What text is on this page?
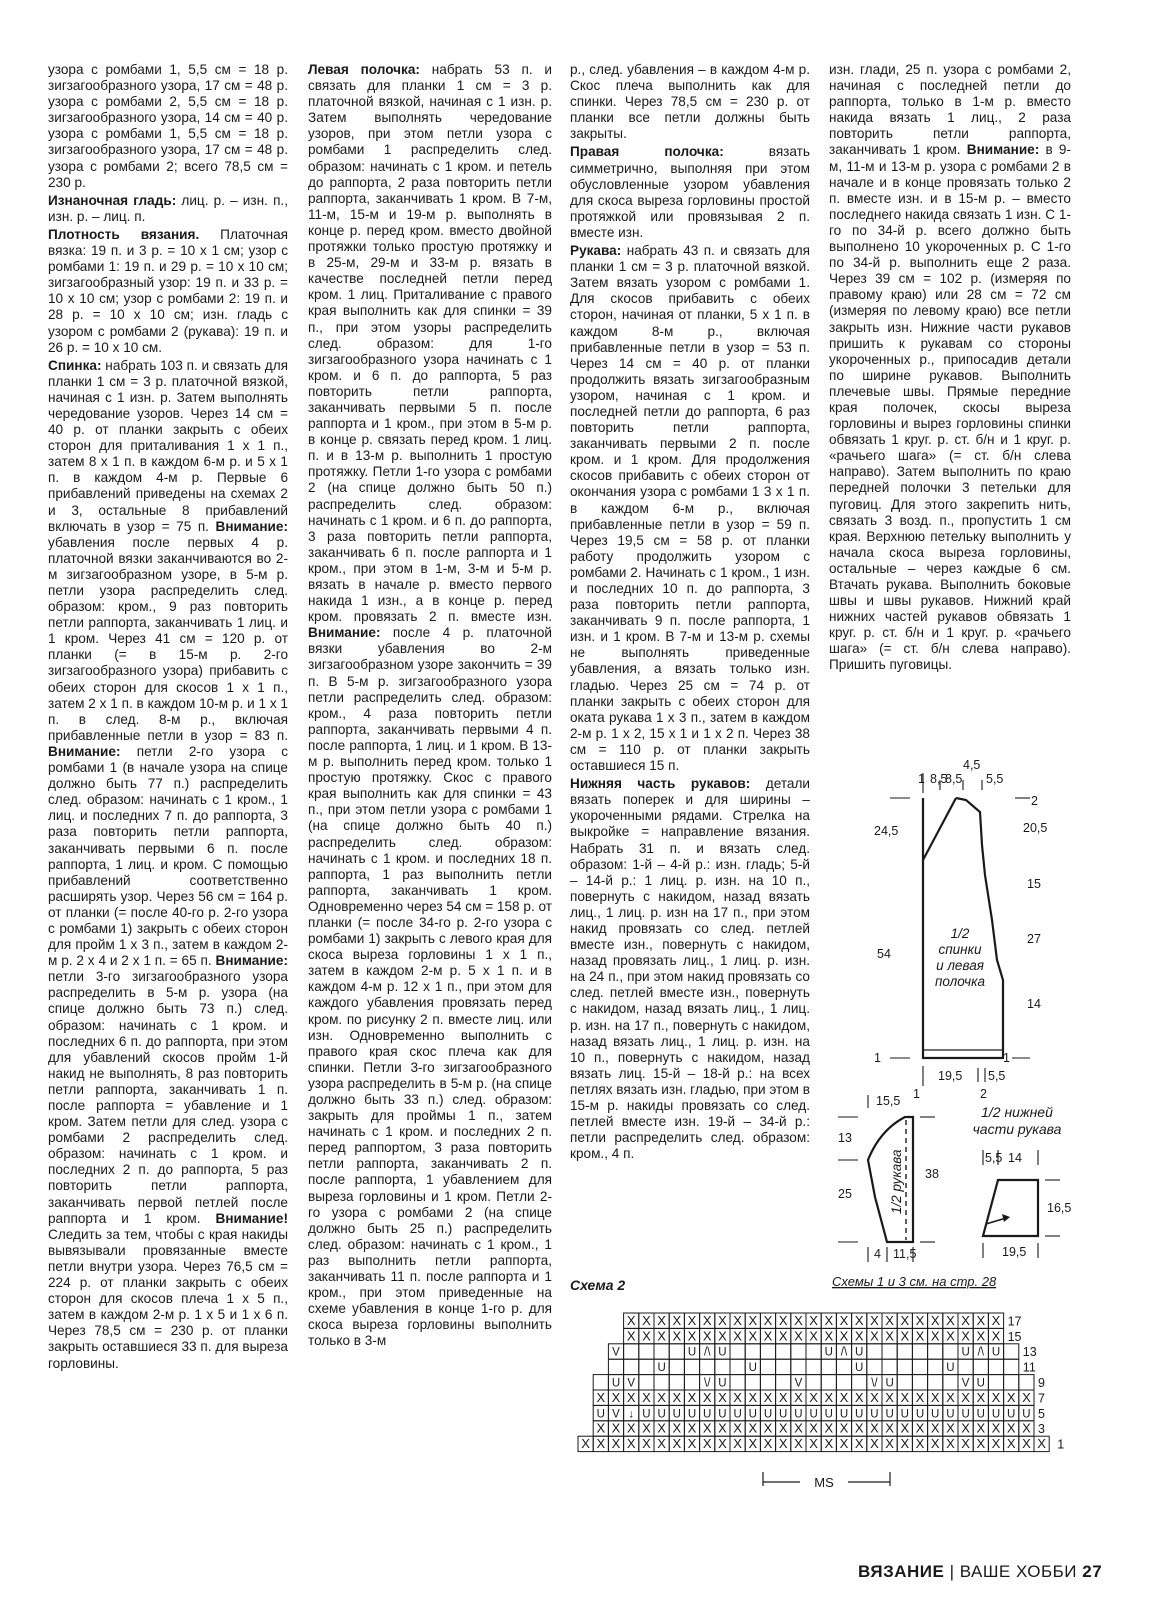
узора с ромбами 1, 5,5 см = 18 р. зигзагообразного узора, 17 см = 48 р. узора с ромбами 2, 5,5 см = 18 р. зигзагообразного узора, 14 см = 40 р. узора с ромбами 1, 5,5 см = 18 р. зигзагообразного узора, 17 см = 48 р. узора с ромбами 2; всего 78,5 см = 230 р.

Изнаночная гладь: лиц. р. – изн. п., изн. р. – лиц. п.

Плотность вязания. Платочная вязка: 19 п. и 3 р. = 10 х 1 см; узор с ромбами 1: 19 п. и 29 р. = 10 х 10 см; зигзагообразный узор: 19 п. и 33 р. = 10 х 10 см; узор с ромбами 2: 19 п. и 28 р. = 10 х 10 см; изн. гладь с узором с ромбами 2 (рукава): 19 п. и 26 р. = 10 х 10 см.

Спинка: набрать 103 п. и связать для планки 1 см = 3 р. платочной вязкой, начиная с 1 изн. р. Затем выполнять чередование узоров. Через 14 см = 40 р. от планки закрыть с обеих сторон для приталивания 1 х 1 п., затем 8 х 1 п. в каждом 6-м р. и 5 х 1 п. в каждом 4-м р. Первые 6 прибавлений приведены на схемах 2 и 3, остальные 8 прибавлений включать в узор = 75 п. Внимание: убавления после первых 4 р. платочной вязки заканчиваются во 2-м зигзагообразном узоре, в 5-м р. петли узора распределить след. образом: кром., 9 раз повторить петли раппорта, заканчивать 1 лиц. и 1 кром. Через 41 см = 120 р. от планки (= в 15-м р. 2-го зигзагообразного узора) прибавить с обеих сторон для скосов 1 х 1 п., затем 2 х 1 п. в каждом 10-м р. и 1 х 1 п. в след. 8-м р., включая прибавленные петли в узор = 83 п. Внимание: петли 2-го узора с ромбами 1 (в начале узора на спице должно быть 77 п.) распределить след. образом: начинать с 1 кром., 1 лиц. и последних 7 п. до раппорта, 3 раза повторить петли раппорта, заканчивать первыми 6 п. после раппорта, 1 лиц. и кром. С помощью прибавлений соответственно расширять узор. Через 56 см = 164 р. от планки (= после 40-го р. 2-го узора с ромбами 1) закрыть с обеих сторон для пройм 1 х 3 п., затем в каждом 2-м р. 2 х 4 и 2 х 1 п. = 65 п. Внимание: петли 3-го зигзагообразного узора распределить в 5-м р. узора (на спице должно быть 73 п.) след. образом: начинать с 1 кром. и последних 6 п. до раппорта, при этом для убавлений скосов пройм 1-й накид не выполнять, 8 раз повторить петли раппорта, заканчивать 1 п. после раппорта = убавление и 1 кром. Затем петли для след. узора с ромбами 2 распределить след. образом: начинать с 1 кром. и последних 2 п. до раппорта, 5 раз повторить петли раппорта, заканчивать первой петлей после раппорта и 1 кром. Внимание! Следить за тем, чтобы с края накиды вывязывали провязанные вместе петли внутри узора. Через 76,5 см = 224 р. от планки закрыть с обеих сторон для скосов плеча 1 х 5 п., затем в каждом 2-м р. 1 х 5 и 1 х 6 п. Через 78,5 см = 230 р. от планки закрыть оставшиеся 33 п. для выреза горловины.

Левая полочка: набрать 53 п. и связать для планки 1 см = 3 р. платочной вязкой, начиная с 1 изн. р. Затем выполнять чередование узоров, при этом петли узора с ромбами 1 распределить след. образом: начинать с 1 кром. и петель до раппорта, 2 раза повторить петли раппорта, заканчивать 1 кром. В 7-м, 11-м, 15-м и 19-м р. выполнять в конце р. перед кром. вместо двойной протяжки только простую протяжку и в 25-м, 29-м и 33-м р. вязать в качестве последней петли перед кром. 1 лиц. Приталивание с правого края выполнить как для спинки = 39 п., при этом узоры распределить след. образом: для 1-го зигзагообразного узора начинать с 1 кром. и 6 п. до раппорта, 5 раз повторить петли раппорта, заканчивать первыми 5 п. после раппорта и 1 кром., при этом в 5-м р. в конце р. связать перед кром. 1 лиц. п. и в 13-м р. выполнить 1 простую протяжку. Петли 1-го узора с ромбами 2 (на спице должно быть 50 п.) распределить след. образом: начинать с 1 кром. и 6 п. до раппорта, 3 раза повторить петли раппорта, заканчивать 6 п. после раппорта и 1 кром., при этом в 1-м, 3-м и 5-м р. вязать в начале р. вместо первого накида 1 изн., а в конце р. перед кром. провязать 2 п. вместе изн. Внимание: после 4 р. платочной вязки убавления во 2-м зигзагообразном узоре закончить = 39 п. В 5-м р. зигзагообразного узора петли распределить след. образом: кром., 4 раза повторить петли раппорта, заканчивать первыми 4 п. после раппорта, 1 лиц. и 1 кром. В 13-м р. выполнить перед кром. только 1 простую протяжку. Скос с правого края выполнить как для спинки = 43 п., при этом петли узора с ромбами 1 (на спице должно быть 40 п.) распределить след. образом: начинать с 1 кром. и последних 18 п. раппорта, 1 раз выполнить петли раппорта, заканчивать 1 кром. Одновременно через 54 см = 158 р. от планки (= после 34-го р. 2-го узора с ромбами 1) закрыть с левого края для скоса выреза горловины 1 х 1 п., затем в каждом 2-м р. 5 х 1 п. и в каждом 4-м р. 12 х 1 п., при этом для каждого убавления провязать перед кром. по рисунку 2 п. вместе лиц. или изн. Одновременно выполнить с правого края скос плеча как для спинки. Петли 3-го зигзагообразного узора распределить в 5-м р. (на спице должно быть 33 п.) след. образом: закрыть для проймы 1 п., затем начинать с 1 кром. и последних 2 п. перед раппортом, 3 раза повторить петли раппорта, заканчивать 2 п. после раппорта, 1 убавлением для выреза горловины и 1 кром. Петли 2-го узора с ромбами 2 (на спице должно быть 25 п.) распределить след. образом: начинать с 1 кром., 1 раз выполнить петли раппорта, заканчивать 11 п. после раппорта и 1 кром., при этом приведенные на схеме убавления в конце 1-го р. для скоса выреза горловины выполнить только в 3-м

р., след. убавления – в каждом 4-м р. Скос плеча выполнить как для спинки. Через 78,5 см = 230 р. от планки все петли должны быть закрыты.

Правая полочка: вязать симметрично, выполняя при этом обусловленные узором убавления для скоса выреза горловины простой протяжкой или провязывая 2 п. вместе изн.

Рукава: набрать 43 п. и связать для планки 1 см = 3 р. платочной вязкой. Затем вязать узором с ромбами 1. Для скосов прибавить с обеих сторон, начиная от планки, 5 х 1 п. в каждом 8-м р., включая прибавленные петли в узор = 53 п. Через 14 см = 40 р. от планки продолжить вязать зигзагообразным узором, начиная с 1 кром. и последней петли до раппорта, 6 раз повторить петли раппорта, заканчивать первыми 2 п. после кром. и 1 кром. Для продолжения скосов прибавить с обеих сторон от окончания узора с ромбами 1 3 х 1 п. в каждом 6-м р., включая прибавленные петли в узор = 59 п. Через 19,5 см = 58 р. от планки работу продолжить узором с ромбами 2. Начинать с 1 кром., 1 изн. и последних 10 п. до раппорта, 3 раза повторить петли раппорта, заканчивать 9 п. после раппорта, 1 изн. и 1 кром. В 7-м и 13-м р. схемы не выполнять приведенные убавления, а вязать только изн. гладью. Через 25 см = 74 р. от планки закрыть с обеих сторон для оката рукава 1 х 3 п., затем в каждом 2-м р. 1 х 2, 15 х 1 и 1 х 2 п. Через 38 см = 110 р. от планки закрыть оставшиеся 15 п.

Нижняя часть рукавов: детали вязать поперек и для ширины – укороченными рядами. Стрелка на выкройке = направление вязания. Набрать 31 п. и вязать след. образом: 1-й – 4-й р.: изн. гладь; 5-й – 14-й р.: 1 лиц. р. изн. на 10 п., повернуть с накидом, назад вязать лиц., 1 лиц. р. изн на 17 п., при этом накид провязать со след. петлей вместе изн., повернуть с накидом, назад провязать лиц., 1 лиц. р. изн. на 24 п., при этом накид провязать со след. петлей вместе изн., повернуть с накидом, назад вязать лиц., 1 лиц. р. изн. на 17 п., повернуть с накидом, назад вязать лиц., 1 лиц. р. изн. на 10 п., повернуть с накидом, назад вязать лиц. 15-й – 18-й р.: на всех петлях вязать изн. гладью, при этом в 15-м р. накиды провязать со след. петлей вместе изн. 19-й – 34-й р.: петли распределить след. образом: кром., 4 п.

изн. глади, 25 п. узора с ромбами 2, начиная с последней петли до раппорта, только в 1-м р. вместо накида вязать 1 лиц., 2 раза повторить петли раппорта, заканчивать 1 кром. Внимание: в 9-м, 11-м и 13-м р. узора с ромбами 2 в начале и в конце провязать только 2 п. вместе изн. и в 15-м р. – вместо последнего накида связать 1 изн. С 1-го по 34-й р. всего должно быть выполнено 10 укороченных р. С 1-го по 34-й р. выполнить еще 2 раза. Через 39 см = 102 р. (измеряя по правому краю) или 28 см = 72 см (измеряя по левому краю) все петли закрыть изн. Нижние части рукавов пришить к рукавам со стороны укороченных р., припосадив детали по ширине рукавов. Выполнить плечевые швы. Прямые передние края полочек, скосы выреза горловины и вырез горловины спинки обвязать 1 круг. р. ст. б/н и 1 круг. р. «рачьего шага» (= ст. б/н слева направо). Затем выполнить по краю передней полочки 3 петельки для пуговиц. Для этого закрепить нить, связать 3 возд. п., пропустить 1 см края. Верхнюю петельку выполнить у начала скоса выреза горловины, остальные – через каждые 6 см. Втачать рукава. Выполнить боковые швы и швы рукавов. Нижний край нижних частей рукавов обвязать 1 круг. р. ст. б/н и 1 круг. р. «рачьего шага» (= ст. б/н слева направо). Пришить пуговицы.

1 8,5
8,5
4,5
5,5
2
24,5
54
20,5
15
27
14
19,5 5,5
1	1
1	2
1/2
спинки
и левая
полочка
15,5
13
25
38
4 11,5
1/2 рукава
1/2 нижней
части рукава
5,5 14
16,5
19,5
Схемы 1 и 3 см. на стр. 28
Схема 2
X X X X X X X X X X X X X X X X X X X X X X X X X
X X X X X X X X X X X X X X X X X X X X X X X X X
V	U /\ U	U /\ U	U /\ U
U	U	U	U
U V	\/ U	V	\/ U	V U
X X X X X X X X X X X X X X X X X X X X X X X X X X X X X
U V ↓ U U U U U U U U U U U U U U U U U U U U U U U U U U
X X X X X X X X X X X X X X X X X X X X X X X X X X X X X
X X X X X X X X X X X X X X X X X X X X X X X X X X X X X X X
17
15
13
11
9
7
5
3
1
MS
ВЯЗАНИЕ | ВАШЕ ХОББИ 27
